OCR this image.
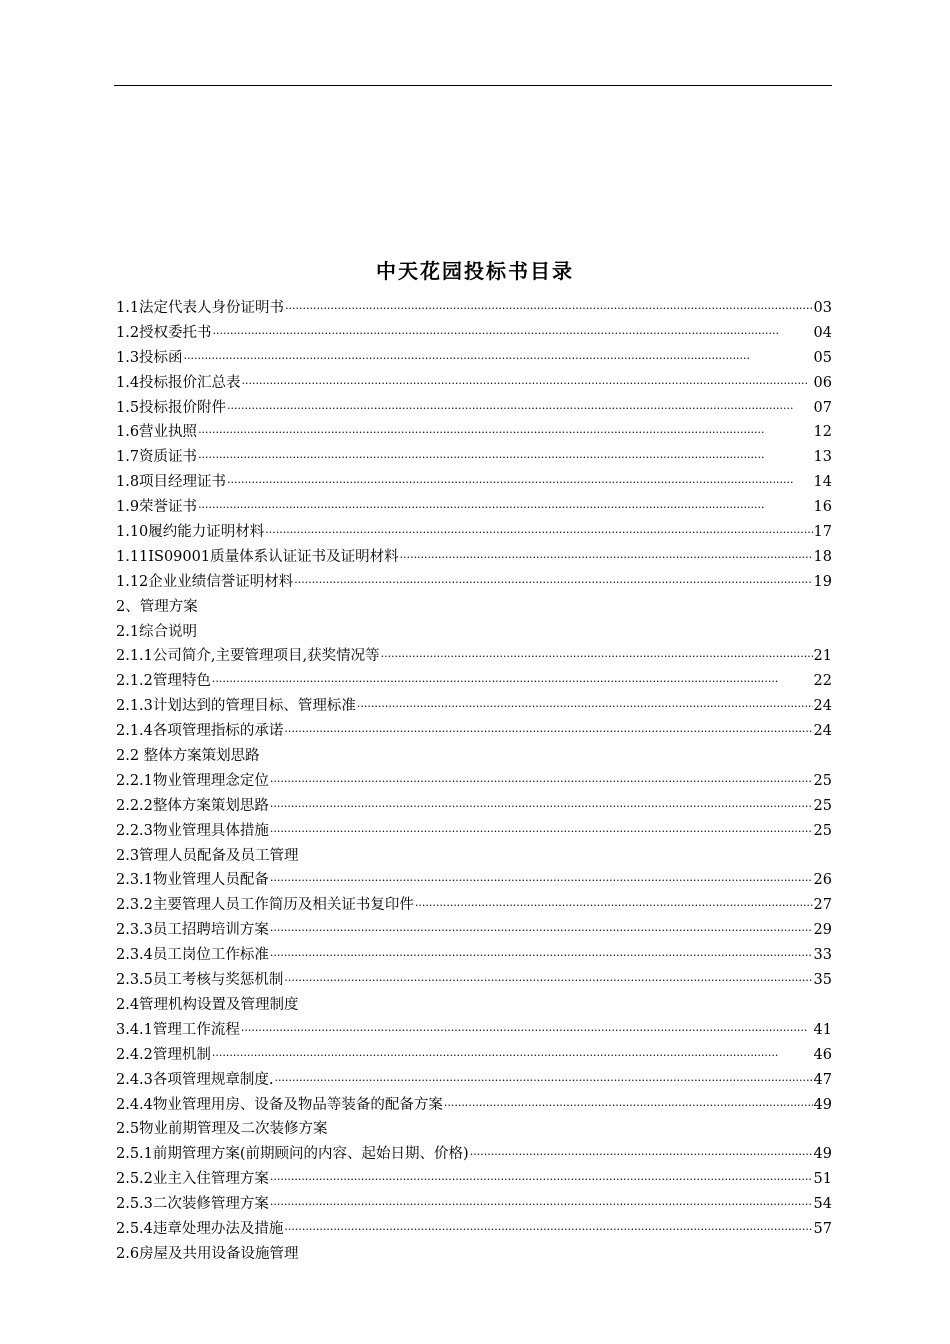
中天花园投标书目录
1.1法定代表人身份证明书 ·····	03
1.2授权委托书 ·····	04
1.3投标函 ·····	05
1.4投标报价汇总表 ·····	06
1.5投标报价附件 ·····	07
1.6营业执照 ·····	12
1.7资质证书 ·····	13
1.8项目经理证书 ·····	14
1.9荣誉证书 ·····	16
1.10履约能力证明材料 ·····	17
1.11IS09001质量体系认证证书及证明材料 ·····	18
1.12企业业绩信誉证明材料 ·····	19
2、管理方案
2.1综合说明
2.1.1公司简介,主要管理项目,获奖情况等 ·····	21
2.1.2管理特色 ·····	22
2.1.3计划达到的管理目标、管理标准 ·····	24
2.1.4各项管理指标的承诺 ·····	24
2.2 整体方案策划思路
2.2.1物业管理理念定位 ·····	25
2.2.2整体方案策划思路 ·····	25
2.2.3物业管理具体措施 ·····	25
2.3管理人员配备及员工管理
2.3.1物业管理人员配备 ·····	26
2.3.2主要管理人员工作简历及相关证书复印件 ·····	27
2.3.3员工招聘培训方案 ·····	29
2.3.4员工岗位工作标准 ·····	33
2.3.5员工考核与奖惩机制 ·····	35
2.4管理机构设置及管理制度
3.4.1管理工作流程 ·····	41
2.4.2管理机制 ·····	46
2.4.3各项管理规章制度. ·····	47
2.4.4物业管理用房、设备及物品等装备的配备方案 ·····	49
2.5物业前期管理及二次装修方案
2.5.1前期管理方案(前期顾问的内容、起始日期、价格) ·····	49
2.5.2业主入住管理方案 ·····	51
2.5.3二次装修管理方案 ·····	54
2.5.4违章处理办法及措施 ·····	57
2.6房屋及共用设备设施管理
